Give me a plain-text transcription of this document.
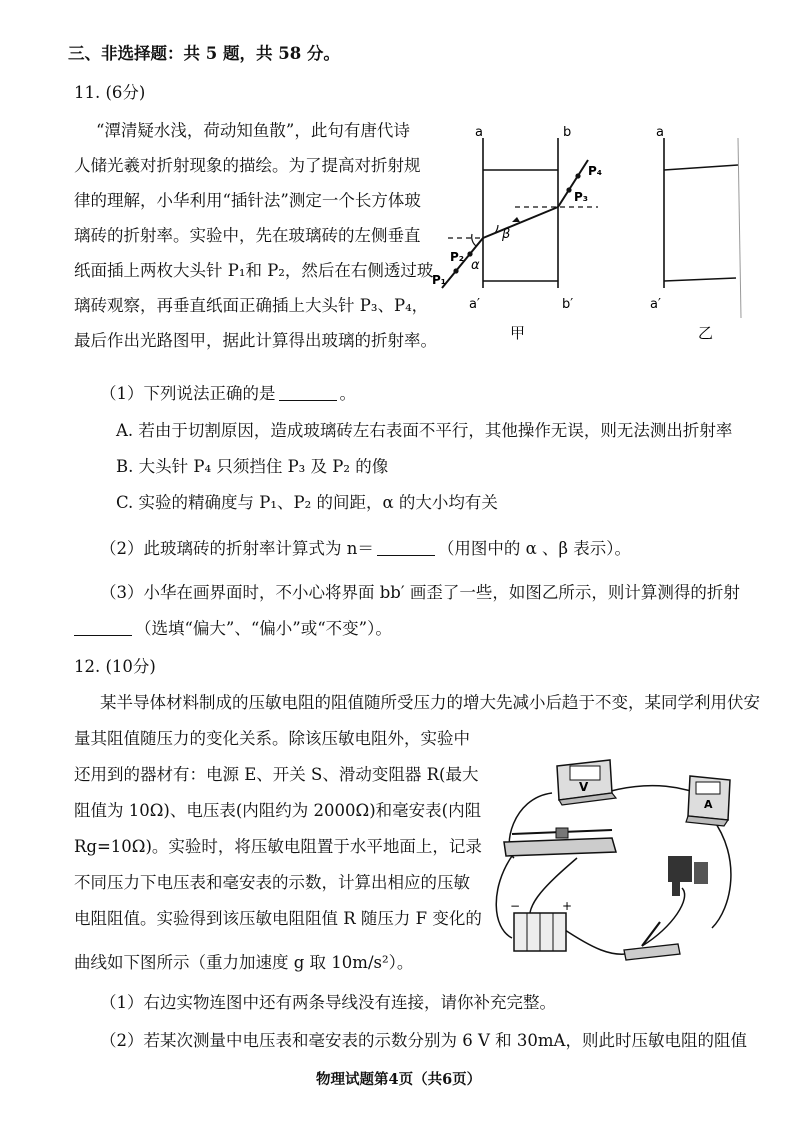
三、非选择题：共 5 题，共 58 分。
11. (6分)
“潭清疑水浅，荷动知鱼散”，此句有唐代诗
人储光羲对折射现象的描绘。为了提高对折射规
律的理解，小华利用“插针法”测定一个长方体玻
璃砖的折射率。实验中，先在玻璃砖的左侧垂直
纸面插上两枚大头针 P₁和 P₂，然后在右侧透过玻
璃砖观察，再垂直纸面正确插上大头针 P₃、P₄，
最后作出光路图甲，据此计算得出玻璃的折射率。
a	b
a′	b′
P₁
P₂
P₃
P₄
α
β
甲
a
a′
乙
（1）下列说法正确的是	。
A. 若由于切割原因，造成玻璃砖左右表面不平行，其他操作无误，则无法测出折射率
B. 大头针 P₄ 只须挡住 P₃ 及 P₂ 的像
C. 实验的精确度与 P₁、P₂ 的间距，α 的大小均有关
（2）此玻璃砖的折射率计算式为 n＝	（用图中的 α 、β 表示）。
（3）小华在画界面时，不小心将界面 bb′ 画歪了一些，如图乙所示，则计算测得的折射
（选填“偏大”、“偏小”或“不变”）。
12. (10分)
某半导体材料制成的压敏电阻的阻值随所受压力的增大先减小后趋于不变，某同学利用伏安
量其阻值随压力的变化关系。除该压敏电阻外，实验中
还用到的器材有：电源 E、开关 S、滑动变阻器 R(最大
阻值为 10Ω)、电压表(内阻约为 2000Ω)和毫安表(内阻
Rg=10Ω)。实验时，将压敏电阻置于水平地面上，记录
不同压力下电压表和毫安表的示数，计算出相应的压敏
电阻阻值。实验得到该压敏电阻阻值 R 随压力 F 变化的
曲线如下图所示（重力加速度 g 取 10m/s²）。
V
A
−	+
（1）右边实物连图中还有两条导线没有连接，请你补充完整。
（2）若某次测量中电压表和毫安表的示数分别为 6 V 和 30mA，则此时压敏电阻的阻值
物理试题第4页（共6页）
